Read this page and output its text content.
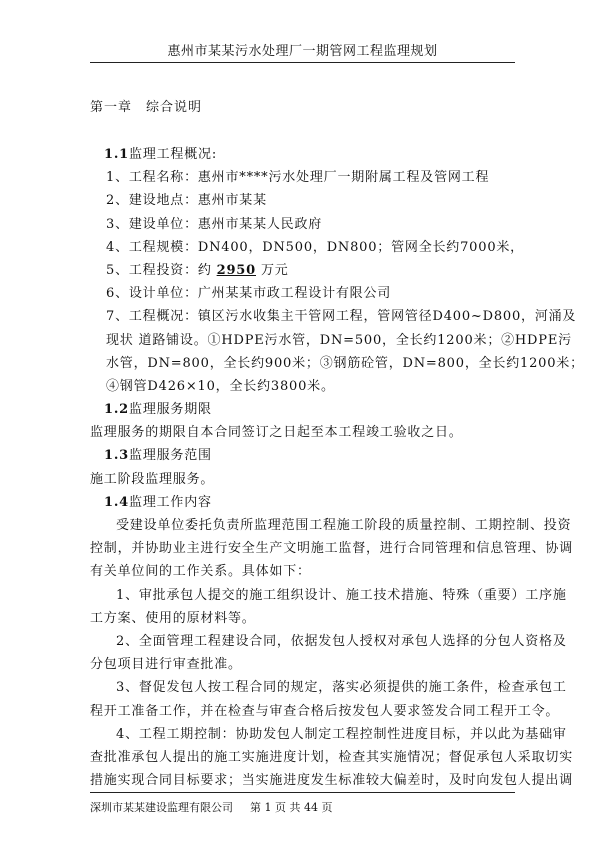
惠州市某某污水处理厂一期管网工程监理规划
第一章　综合说明
1.1监理工程概况:
1、工程名称：惠州市****污水处理厂一期附属工程及管网工程
2、建设地点：惠州市某某
3、建设单位：惠州市某某人民政府
4、工程规模：DN400，DN500，DN800；管网全长约7000米，
5、工程投资：约 2950 万元
6、设计单位：广州某某市政工程设计有限公司
7、工程概况：镇区污水收集主干管网工程，管网管径D400~D800，河涌及
现状 道路铺设。①HDPE污水管，DN=500，全长约1200米；②HDPE污
水管，DN=800，全长约900米；③钢筋砼管，DN=800，全长约1200米；
④钢管D426×10，全长约3800米。
1.2监理服务期限
监理服务的期限自本合同签订之日起至本工程竣工验收之日。
1.3监理服务范围
施工阶段监理服务。
1.4监理工作内容
受建设单位委托负责所监理范围工程施工阶段的质量控制、工期控制、投资
控制，并协助业主进行安全生产文明施工监督，进行合同管理和信息管理、协调
有关单位间的工作关系。具体如下：
1、审批承包人提交的施工组织设计、施工技术措施、特殊（重要）工序施
工方案、使用的原材料等。
2、全面管理工程建设合同，依据发包人授权对承包人选择的分包人资格及
分包项目进行审查批准。
3、督促发包人按工程合同的规定，落实必须提供的施工条件，检查承包工
程开工准备工作，并在检查与审查合格后按发包人要求签发合同工程开工令。
4、工程工期控制：协助发包人制定工程控制性进度目标，并以此为基础审
查批准承包人提出的施工实施进度计划，检查其实施情况；督促承包人采取切实
措施实现合同目标要求；当实施进度发生标准较大偏差时，及时向发包人提出调
深圳市某某建设监理有限公司 第 1 页 共 44 页
